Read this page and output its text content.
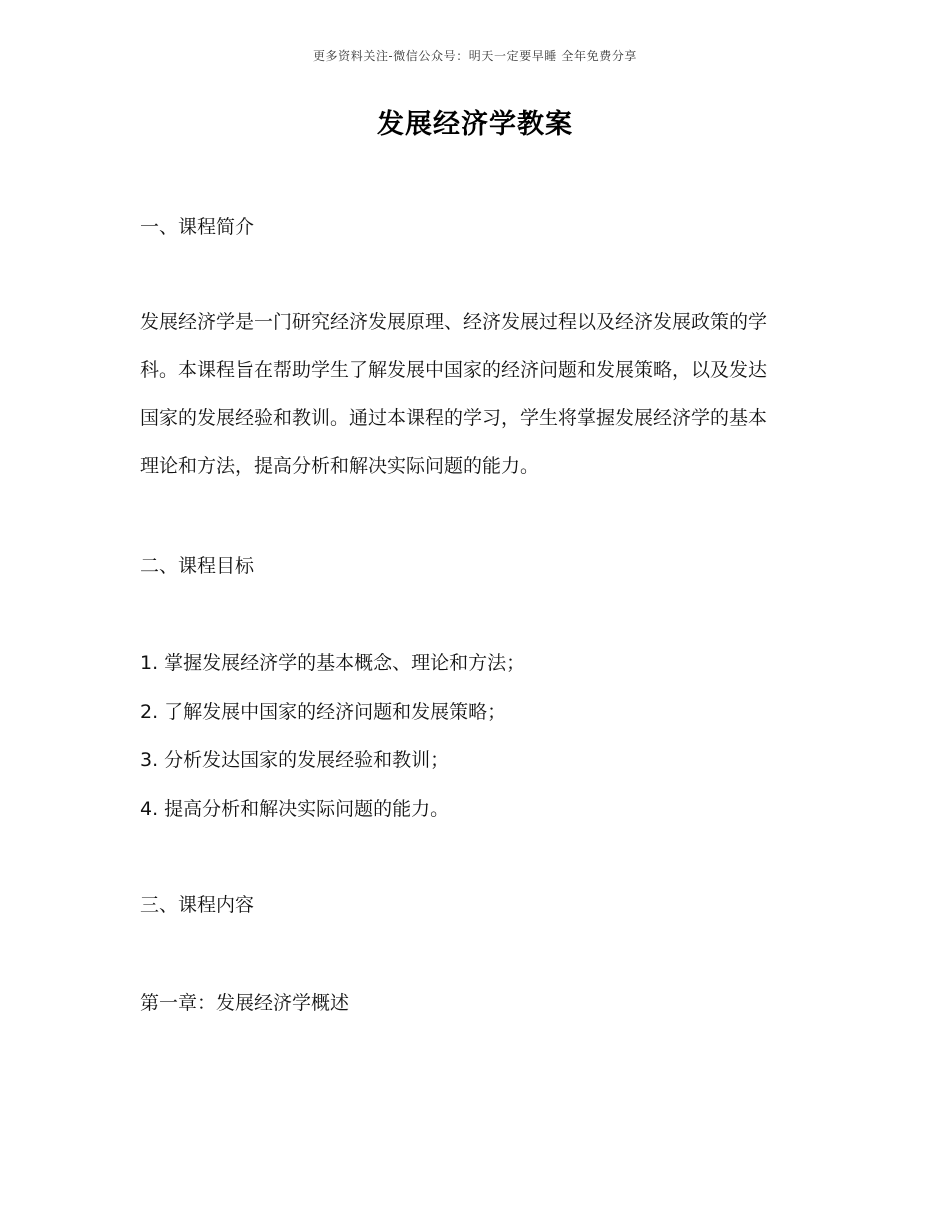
更多资料关注-微信公众号：明天一定要早睡 全年免费分享
发展经济学教案
一、课程简介
发展经济学是一门研究经济发展原理、经济发展过程以及经济发展政策的学
科。本课程旨在帮助学生了解发展中国家的经济问题和发展策略，以及发达
国家的发展经验和教训。通过本课程的学习，学生将掌握发展经济学的基本
理论和方法，提高分析和解决实际问题的能力。
二、课程目标
1. 掌握发展经济学的基本概念、理论和方法；
2. 了解发展中国家的经济问题和发展策略；
3. 分析发达国家的发展经验和教训；
4. 提高分析和解决实际问题的能力。
三、课程内容
第一章：发展经济学概述
